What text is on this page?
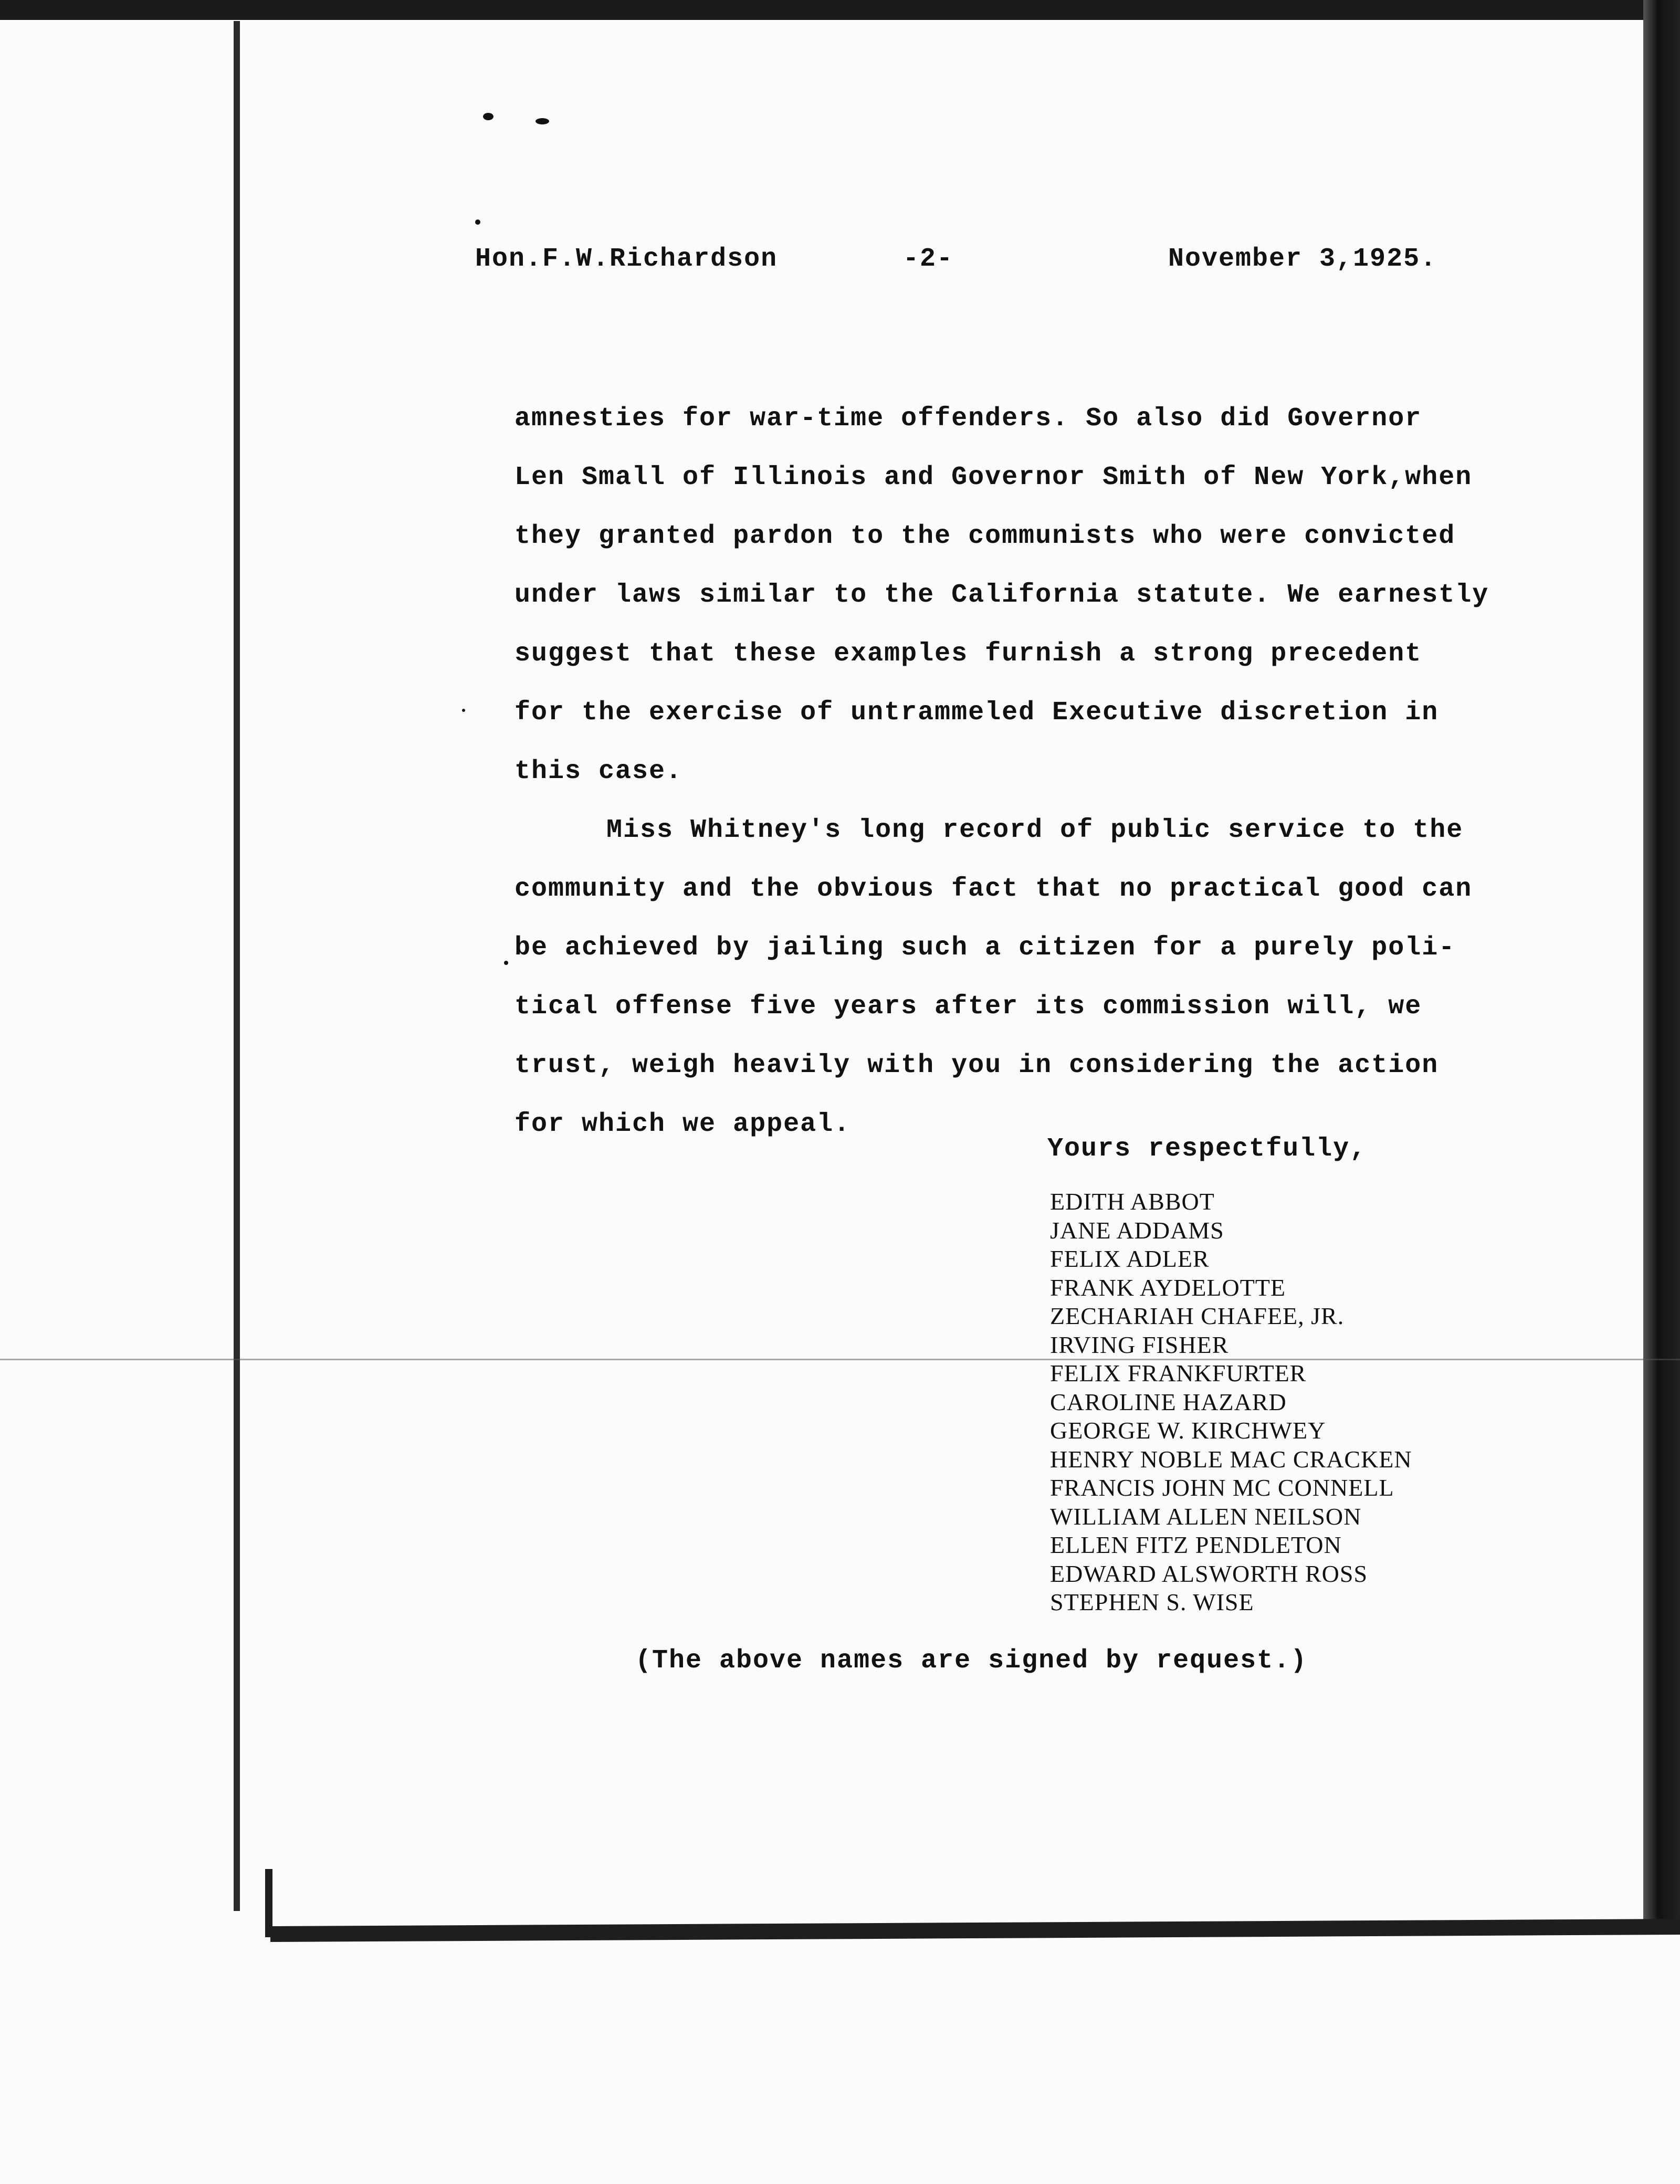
Hon.F.W.Richardson	-2-	November 3,1925.
amnesties for war-time offenders. So also did Governor
Len Small of Illinois and Governor Smith of New York,when
they granted pardon to the communists who were convicted
under laws similar to the California statute. We earnestly
suggest that these examples furnish a strong precedent
for the exercise of untrammeled Executive discretion in
this case.
Miss Whitney's long record of public service to the
community and the obvious fact that no practical good can
be achieved by jailing such a citizen for a purely poli-
tical offense five years after its commission will, we
trust, weigh heavily with you in considering the action
for which we appeal.
Yours respectfully,
EDITH ABBOT
JANE ADDAMS
FELIX ADLER
FRANK AYDELOTTE
ZECHARIAH CHAFEE, JR.
IRVING FISHER
FELIX FRANKFURTER
CAROLINE HAZARD
GEORGE W. KIRCHWEY
HENRY NOBLE MAC CRACKEN
FRANCIS JOHN MC CONNELL
WILLIAM ALLEN NEILSON
ELLEN FITZ PENDLETON
EDWARD ALSWORTH ROSS
STEPHEN S. WISE
(The above names are signed by request.)
